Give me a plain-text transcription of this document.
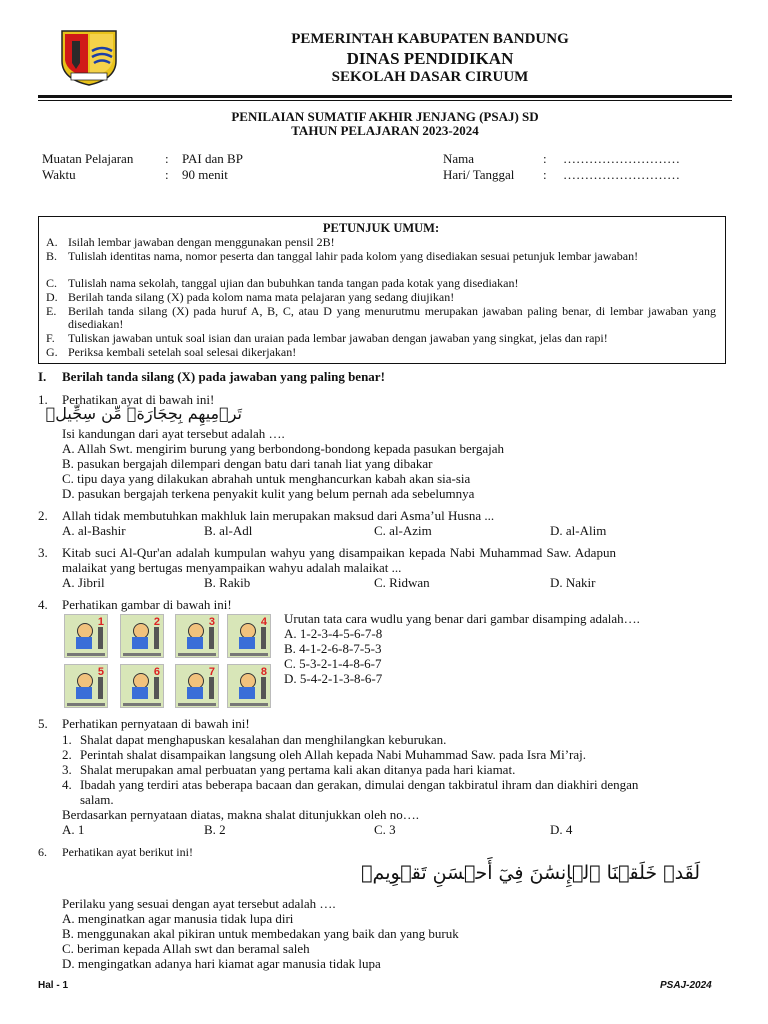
PEMERINTAH KABUPATEN BANDUNG
DINAS PENDIDIKAN
SEKOLAH DASAR CIRUUM
PENILAIAN SUMATIF AKHIR JENJANG (PSAJ) SD
TAHUN PELAJARAN 2023-2024
Muatan Pelajaran : PAI dan BP
Waktu	: 90 menit
Nama	: ………………………
Hari/ Tanggal : ………………………
PETUNJUK UMUM:
A. Isilah lembar jawaban dengan menggunakan pensil 2B!
B. Tulislah identitas nama, nomor peserta dan tanggal lahir pada kolom yang disediakan sesuai petunjuk lembar jawaban!
C. Tulislah nama sekolah, tanggal ujian dan bubuhkan tanda tangan pada kotak yang disediakan!
D. Berilah tanda silang (X) pada kolom nama mata pelajaran yang sedang diujikan!
E. Berilah tanda silang (X) pada huruf A, B, C, atau D yang menurutmu merupakan jawaban paling benar, di lembar jawaban yang disediakan!
F. Tuliskan jawaban untuk soal isian dan uraian pada lembar jawaban dengan jawaban yang singkat, jelas dan rapi!
G. Periksa kembali setelah soal selesai dikerjakan!
I. Berilah tanda silang (X) pada jawaban yang paling benar!
1. Perhatikan ayat di bawah ini!
تَرۡمِيهِم بِحِجَارَةٖ مِّن سِجِّيلٖ
Isi kandungan dari ayat tersebut adalah ….
A. Allah Swt. mengirim burung yang berbondong-bondong kepada pasukan bergajah
B. pasukan bergajah dilempari dengan batu dari tanah liat yang dibakar
C. tipu daya yang dilakukan abrahah untuk menghancurkan kabah akan sia-sia
D. pasukan bergajah terkena penyakit kulit yang belum pernah ada sebelumnya
2. Allah tidak membutuhkan makhluk lain merupakan maksud dari Asma’ul Husna ...
A. al-Bashir	B. al-Adl	C. al-Azim	D. al-Alim
3. Kitab suci Al-Qur'an adalah kumpulan wahyu yang disampaikan kepada Nabi Muhammad Saw. Adapun
malaikat yang bertugas menyampaikan wahyu adalah malaikat ...
A. Jibril	B. Rakib	C. Ridwan	D. Nakir
4. Perhatikan gambar di bawah ini!
1	2	3	4
5	6	7	8
Urutan tata cara wudlu yang benar dari gambar disamping adalah….
A. 1-2-3-4-5-6-7-8
B. 4-1-2-6-8-7-5-3
C. 5-3-2-1-4-8-6-7
D. 5-4-2-1-3-8-6-7
5. Perhatikan pernyataan di bawah ini!
1. Shalat dapat menghapuskan kesalahan dan menghilangkan keburukan.
2. Perintah shalat disampaikan langsung oleh Allah kepada Nabi Muhammad Saw. pada Isra Mi’raj.
3. Shalat merupakan amal perbuatan yang pertama kali akan ditanya pada hari kiamat.
4. Ibadah yang terdiri atas beberapa bacaan dan gerakan, dimulai dengan takbiratul ihram dan diakhiri dengan
salam.
Berdasarkan pernyataan diatas, makna shalat ditunjukkan oleh no….
A. 1	B. 2	C. 3	D. 4
6. Perhatikan ayat berikut ini!
لَقَدۡ خَلَقۡنَا ٱلۡإِنسَٰنَ فِيٓ أَحۡسَنِ تَقۡوِيمٖ
Perilaku yang sesuai dengan ayat tersebut adalah ….
A. menginatkan agar manusia tidak lupa diri
B. menggunakan akal pikiran untuk membedakan yang baik dan yang buruk
C. beriman kepada Allah swt dan beramal saleh
D. mengingatkan adanya hari kiamat agar manusia tidak lupa
Hal - 1	PSAJ-2024
